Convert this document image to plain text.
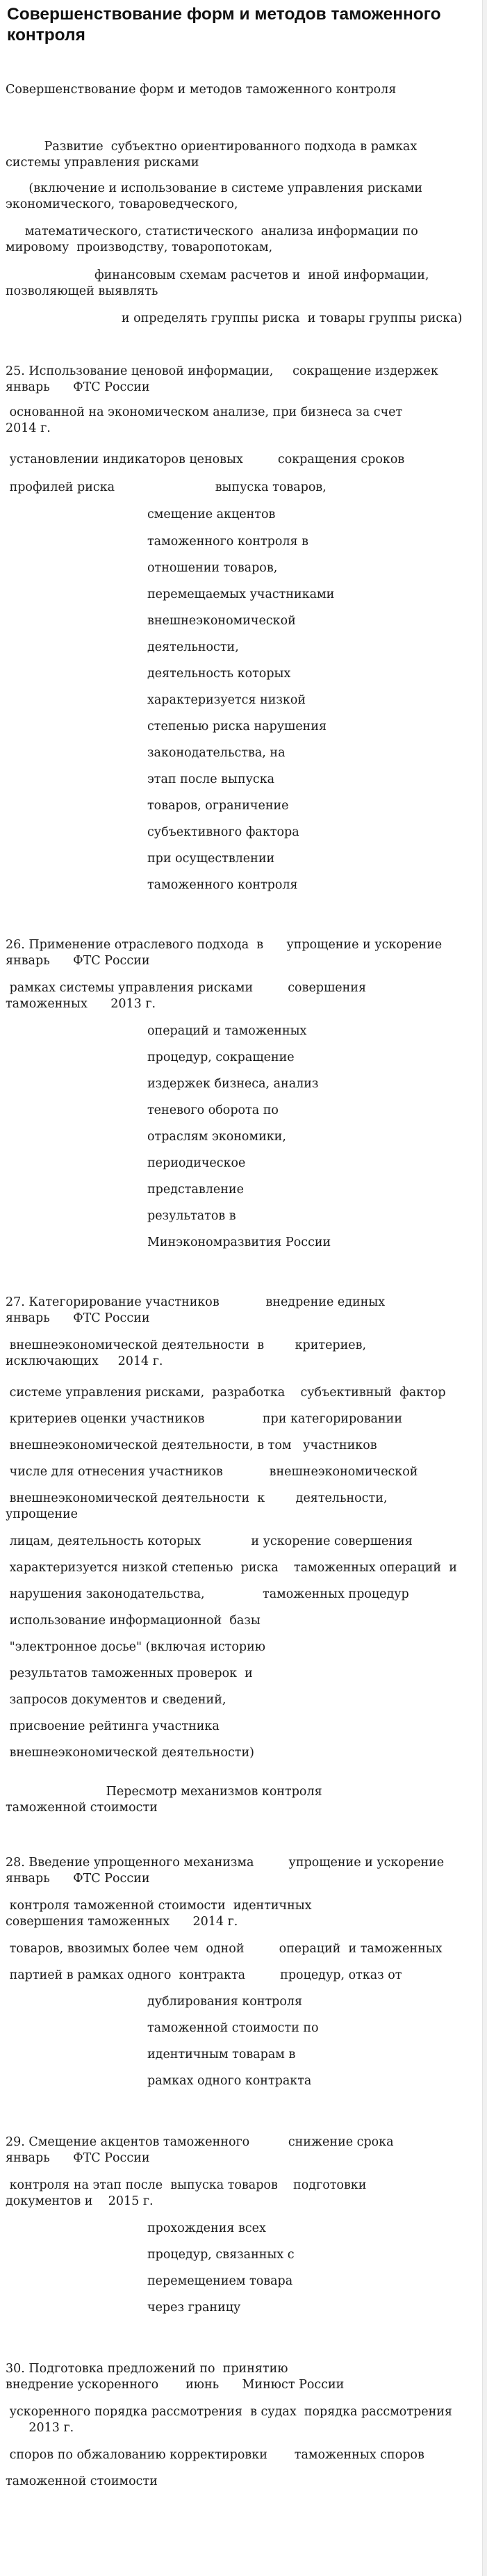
Совершенствование форм и методов таможенного контроля
Совершенствование форм и методов таможенного контроля
Развитие  субъектно ориентированного подхода в рамках
системы управления рисками
(включение и использование в системе управления рисками
экономического, товароведческого,
математического, статистического  анализа информации по
мировому  производству, товаропотокам,
финансовым схемам расчетов и  иной информации,
позволяющей выявлять
и определять группы риска  и товары группы риска)
25. Использование ценовой информации,     сокращение издержек
январь      ФТС России
основанной на экономическом анализе, при бизнеса за счет
2014 г.
установлении индикаторов ценовых         сокращения сроков
профилей риска                          выпуска товаров,
смещение акцентов
таможенного контроля в
отношении товаров,
перемещаемых участниками
внешнеэкономической
деятельности,
деятельность которых
характеризуется низкой
степенью риска нарушения
законодательства, на
этап после выпуска
товаров, ограничение
субъективного фактора
при осуществлении
таможенного контроля
26. Применение отраслевого подхода  в      упрощение и ускорение
январь      ФТС России
рамках системы управления рисками         совершения
таможенных      2013 г.
операций и таможенных
процедур, сокращение
издержек бизнеса, анализ
теневого оборота по
отраслям экономики,
периодическое
представление
результатов в
Минэкономразвития России
27. Категорирование участников            внедрение единых
январь      ФТС России
внешнеэкономической деятельности  в        критериев,
исключающих     2014 г.
системе управления рисками,  разработка    субъективный  фактор
критериев оценки участников               при категорировании
внешнеэкономической деятельности, в том   участников
числе для отнесения участников            внешнеэкономической
внешнеэкономической деятельности  к        деятельности,
упрощение
лицам, деятельность которых             и ускорение совершения
характеризуется низкой степенью  риска    таможенных операций  и
нарушения законодательства,               таможенных процедур
использование информационной  базы
"электронное досье" (включая историю
результатов таможенных проверок  и
запросов документов и сведений,
присвоение рейтинга участника
внешнеэкономической деятельности)
Пересмотр механизмов контроля
таможенной стоимости
28. Введение упрощенного механизма         упрощение и ускорение
январь      ФТС России
контроля таможенной стоимости  идентичных
совершения таможенных      2014 г.
товаров, ввозимых более чем  одной         операций  и таможенных
партией в рамках одного  контракта         процедур, отказ от
дублирования контроля
таможенной стоимости по
идентичным товарам в
рамках одного контракта
29. Смещение акцентов таможенного          снижение срока
январь      ФТС России
контроля на этап после  выпуска товаров    подготовки
документов и    2015 г.
прохождения всех
процедур, связанных с
перемещением товара
через границу
30. Подготовка предложений по  принятию
внедрение ускоренного       июнь      Минюст России
ускоренного порядка рассмотрения  в судах  порядка рассмотрения
2013 г.
споров по обжалованию корректировки       таможенных споров
таможенной стоимости
